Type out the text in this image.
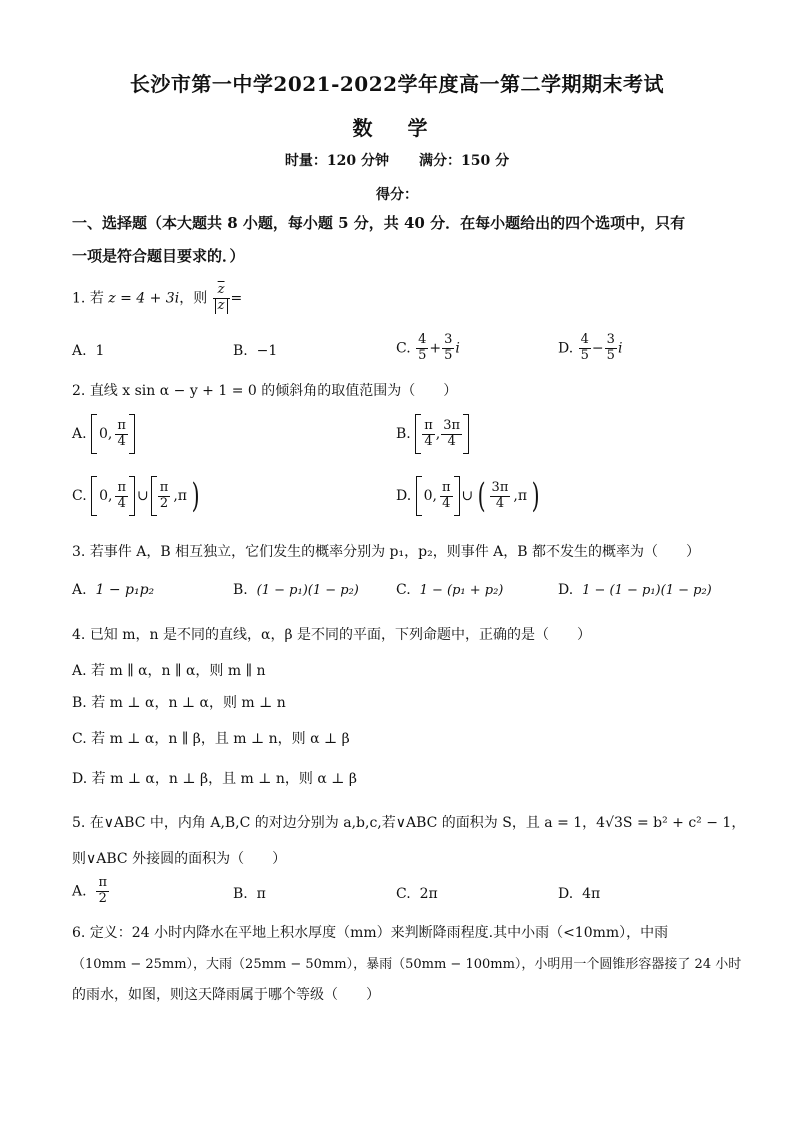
长沙市第一中学2021-2022学年度高一第二学期期末考试
数 学
时量：120 分钟 满分：150 分
得分：
一、选择题（本大题共 8 小题，每小题 5 分，共 40 分．在每小题给出的四个选项中，只有
一项是符合题目要求的．）
1. 若 z = 4 + 3i，则 $\frac{\overline{z}}{z}$ =
A. 1	B. −1	C. $\frac{4}{5} + \frac{3}{5}$ i	D. $\frac{4}{5} - \frac{3}{5}$ i
2. 直线 x sin α − y + 1 = 0 的倾斜角的取值范围为（　　）
A.
0, $\frac{\pi}{4}$	B.
$\frac{\pi}{4}$ , $\frac{3\pi}{4}$
C.
0, $\frac{\pi}{4}$ ∪ $\frac{\pi}{2} ,\pi$ )	D.
0, $\frac{\pi}{4}$ ∪ ( $\frac{3\pi}{4} ,\pi$ )
3. 若事件 A，B 相互独立，它们发生的概率分别为 p₁，p₂，则事件 A，B 都不发生的概率为（　　）
A. 1 − p₁p₂	B. (1 − p₁)(1 − p₂)	C. 1 − (p₁ + p₂)	D. 1 − (1 − p₁)(1 − p₂)
4. 已知 m，n 是不同的直线，α，β 是不同的平面，下列命题中，正确的是（　　）
A. 若 m ∥ α，n ∥ α，则 m ∥ n
B. 若 m ⊥ α，n ⊥ α，则 m ⊥ n
C. 若 m ⊥ α，n ∥ β，且 m ⊥ n，则 α ⊥ β
D. 若 m ⊥ α，n ⊥ β，且 m ⊥ n，则 α ⊥ β
5. 在∨ABC 中，内角 A,B,C 的对边分别为 a,b,c,若∨ABC 的面积为 S，且 a = 1，4√3S = b² + c² − 1，
则∨ABC 外接圆的面积为（　　）
A. $\frac{\pi}{2}$	B. π	C. 2π	D. 4π
6. 定义：24 小时内降水在平地上积水厚度（mm）来判断降雨程度.其中小雨（<10mm），中雨
（10mm − 25mm），大雨（25mm − 50mm），暴雨（50mm − 100mm），小明用一个圆锥形容器接了 24 小时
的雨水，如图，则这天降雨属于哪个等级（　　）
